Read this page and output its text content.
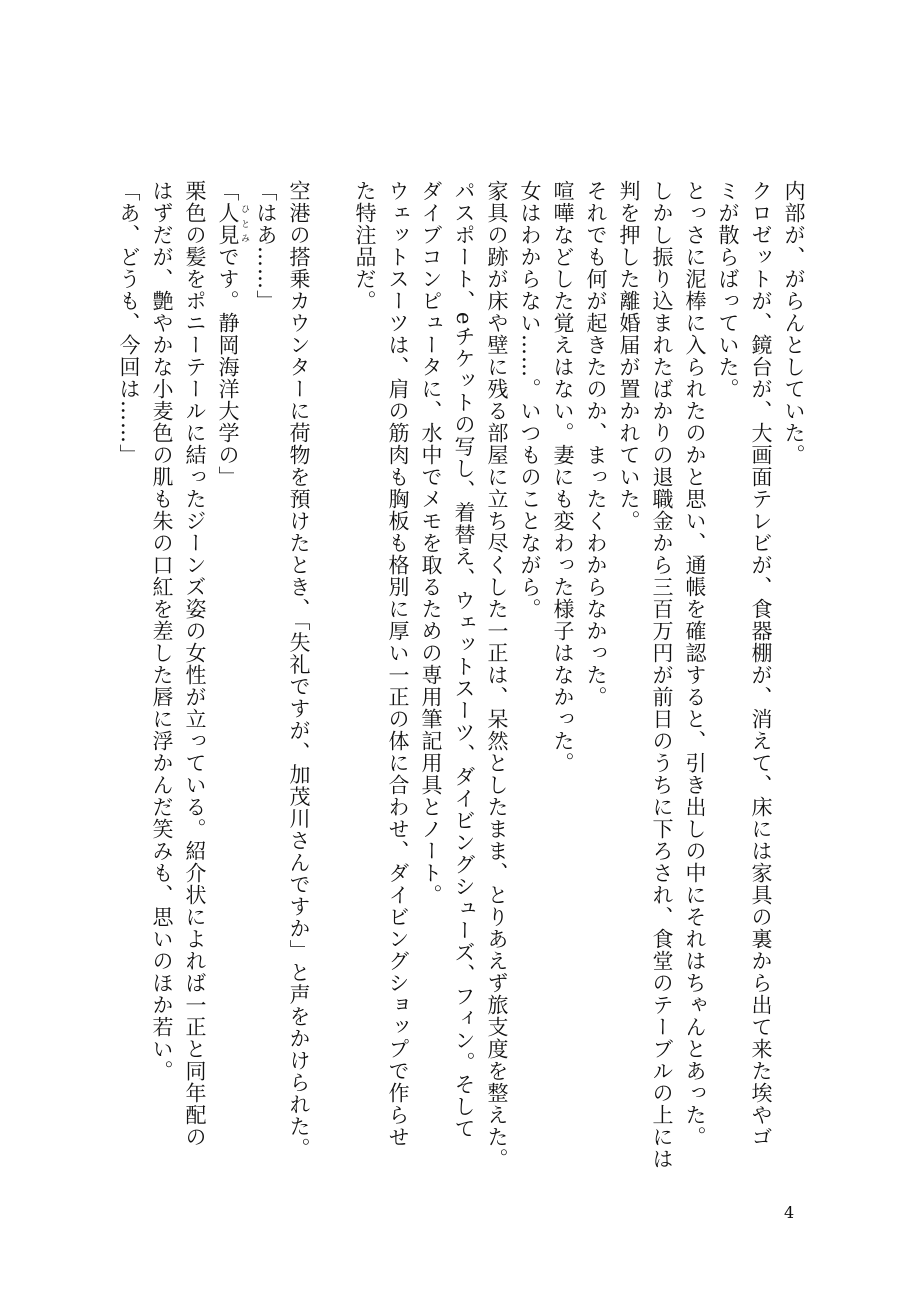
内部が、がらんとしていた。
クロゼットが、鏡台が、大画面テレビが、食器棚が、消えて、床には家具の裏から出て来た埃やゴ
ミが散らばっていた。
とっさに泥棒に入られたのかと思い、通帳を確認すると、引き出しの中にそれはちゃんとあった。
しかし振り込まれたばかりの退職金から三百万円が前日のうちに下ろされ、食堂のテーブルの上には
判を押した離婚届が置かれていた。
それでも何が起きたのか、まったくわからなかった。
喧嘩などした覚えはない。妻にも変わった様子はなかった。
女はわからない……。いつものことながら。
家具の跡が床や壁に残る部屋に立ち尽くした一正は、呆然としたまま、とりあえず旅支度を整えた。
パスポート、eチケットの写し、着替え、ウェットスーツ、ダイビングシューズ、フィン。そして
ダイブコンピュータに、水中でメモを取るための専用筆記用具とノート。
ウェットスーツは、肩の筋肉も胸板も格別に厚い一正の体に合わせ、ダイビングショップで作らせ
た特注品だ。
空港の搭乗カウンターに荷物を預けたとき、「失礼ですが、加茂川さんですか」と声をかけられた。
「はあ……」
「人見 ひとみです。静岡海洋大学の」
栗色の髪をポニーテールに結ったジーンズ姿の女性が立っている。紹介状によれば一正と同年配の
はずだが、艶やかな小麦色の肌も朱の口紅を差した唇に浮かんだ笑みも、思いのほか若い。
「あ、どうも、今回は……」
4
